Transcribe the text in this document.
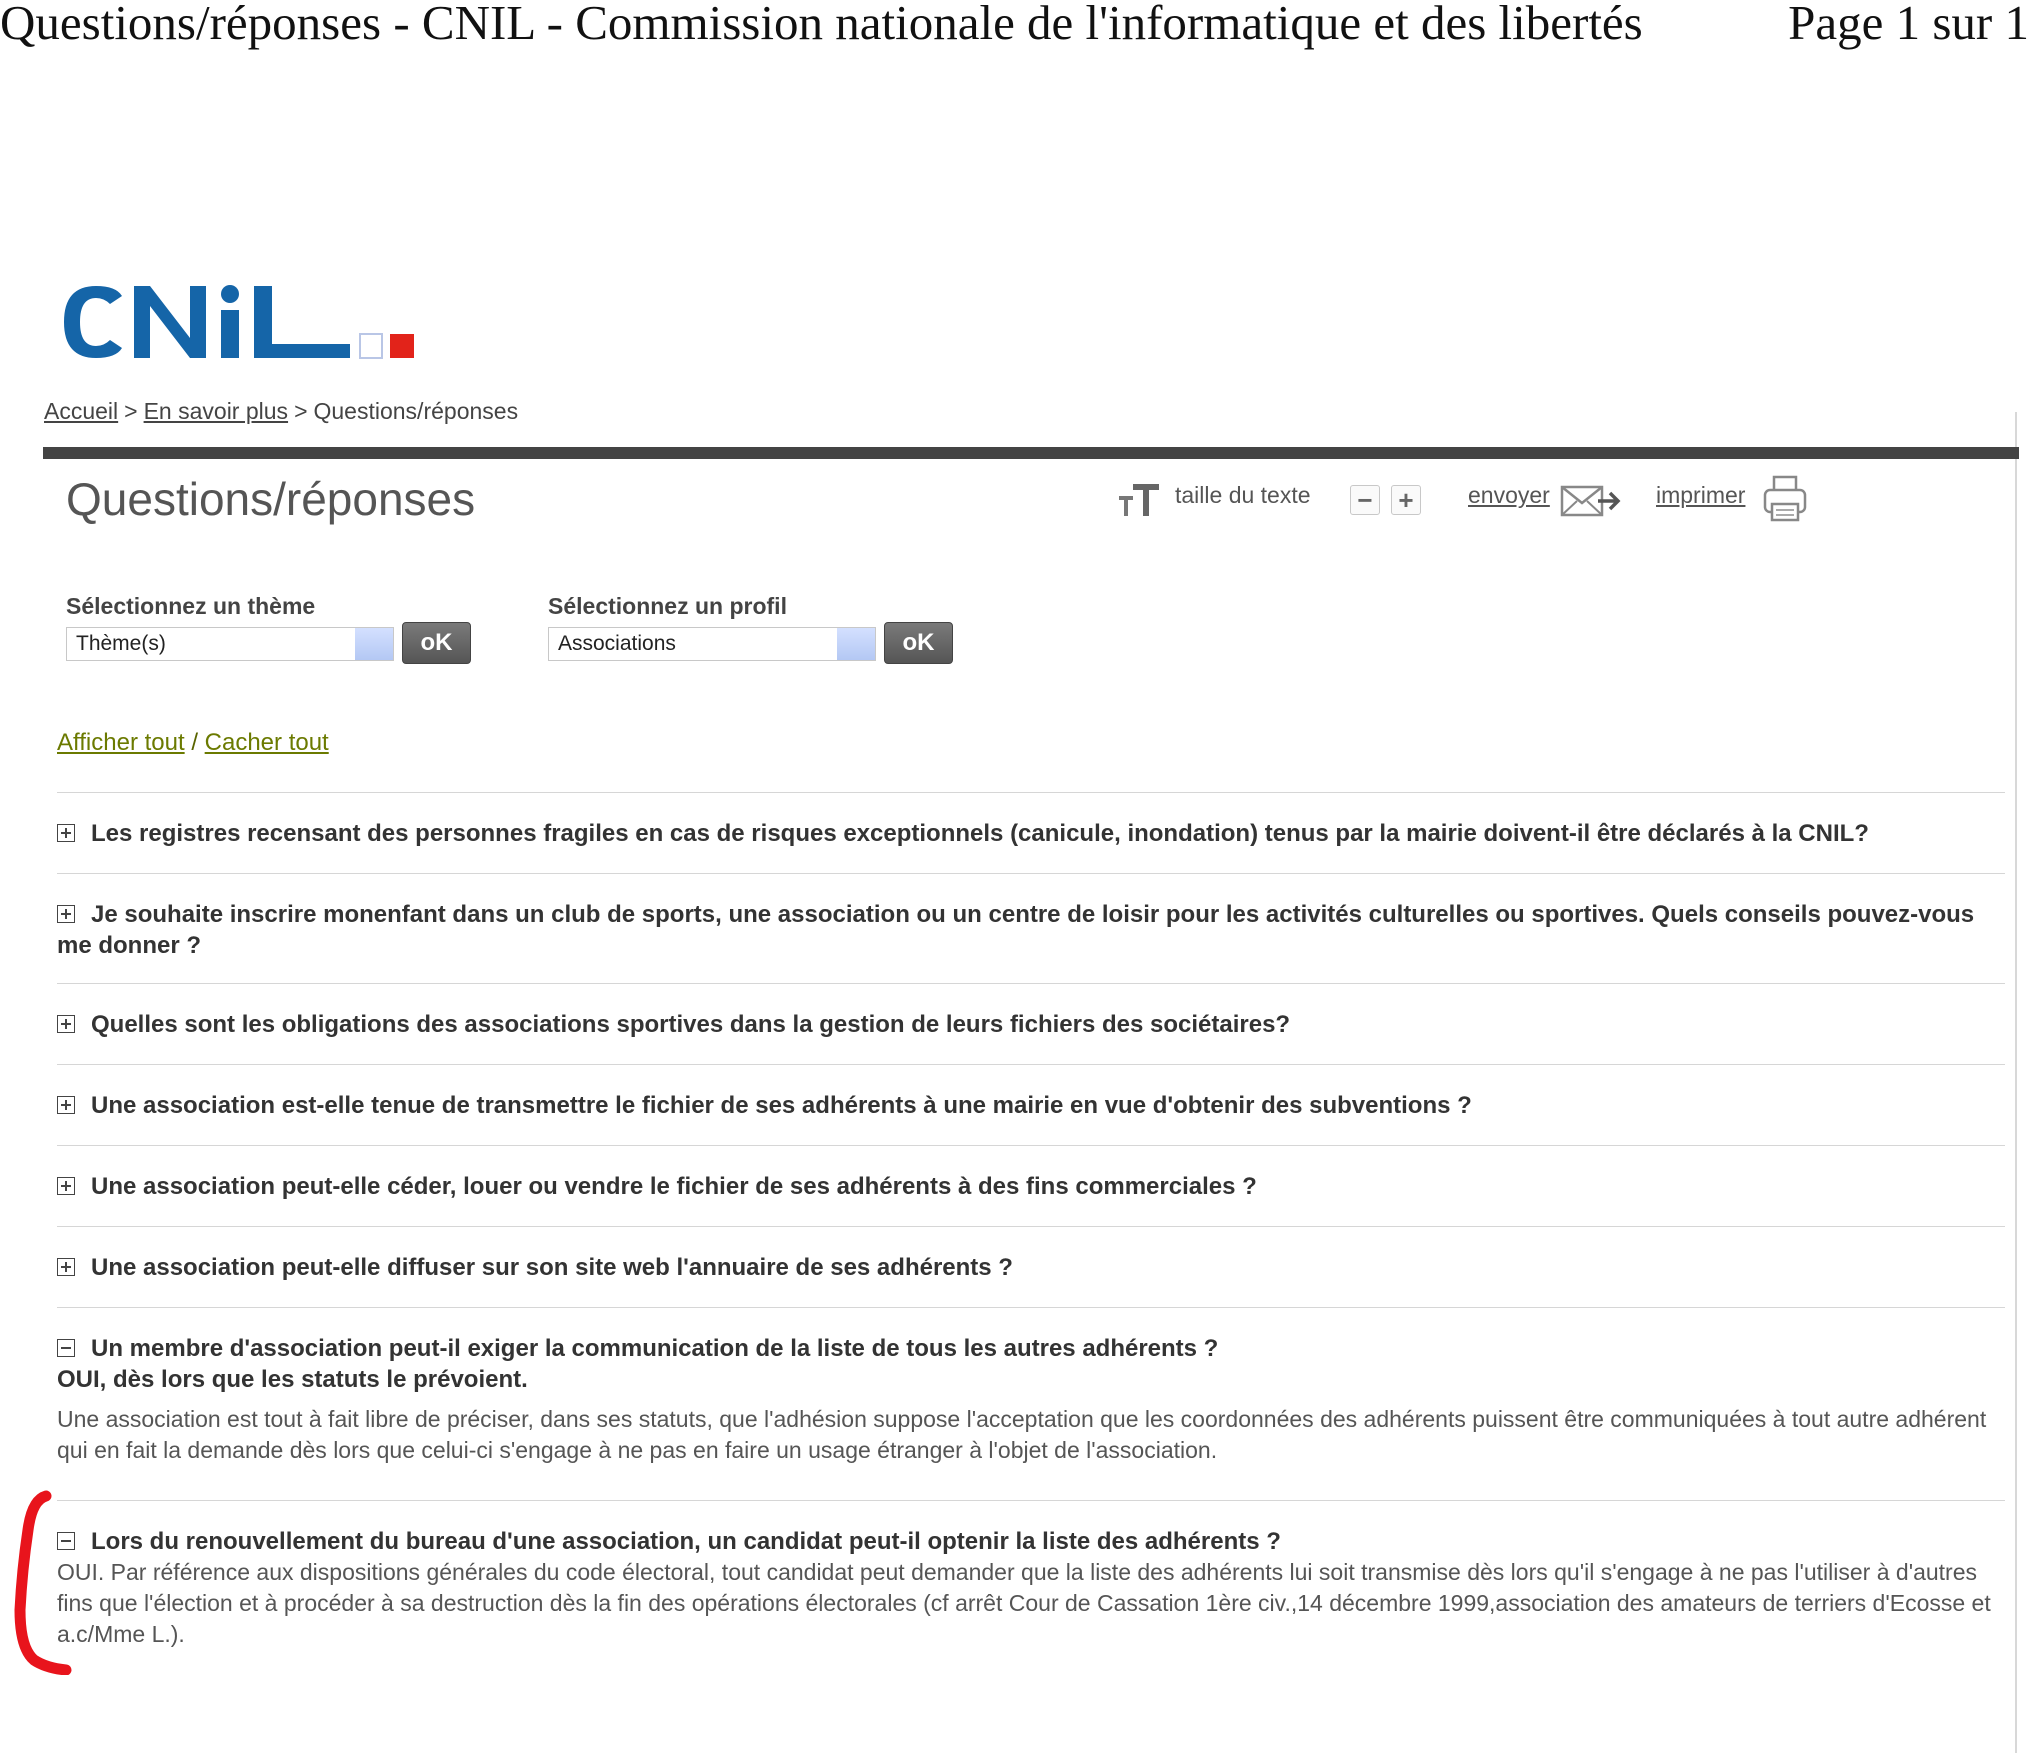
Questions/réponses - CNIL - Commission nationale de l'informatique et des libertés	Page 1 sur 1
Accueil > En savoir plus > Questions/réponses
Questions/réponses	taille du texte − +	envoyer	imprimer
Sélectionnez un thème
Thème(s)	oK
Sélectionnez un profil
Associations	oK
Afficher tout / Cacher tout

Les registres recensant des personnes fragiles en cas de risques exceptionnels (canicule, inondation) tenus par la mairie doivent-il être déclarés à la CNIL?

Je souhaite inscrire monenfant dans un club de sports, une association ou un centre de loisir pour les activités culturelles ou sportives. Quels conseils pouvez-vous me donner ?

Quelles sont les obligations des associations sportives dans la gestion de leurs fichiers des sociétaires?

Une association est-elle tenue de transmettre le fichier de ses adhérents à une mairie en vue d'obtenir des subventions ?

Une association peut-elle céder, louer ou vendre le fichier de ses adhérents à des fins commerciales ?

Une association peut-elle diffuser sur son site web l'annuaire de ses adhérents ?

Un membre d'association peut-il exiger la communication de la liste de tous les autres adhérents ?

OUI, dès lors que les statuts le prévoient.

Une association est tout à fait libre de préciser, dans ses statuts, que l'adhésion suppose l'acceptation que les coordonnées des adhérents puissent être communiquées à tout autre adhérent qui en fait la demande dès lors que celui-ci s'engage à ne pas en faire un usage étranger à l'objet de l'association.

Lors du renouvellement du bureau d'une association, un candidat peut-il optenir la liste des adhérents ?

OUI. Par référence aux dispositions générales du code électoral, tout candidat peut demander que la liste des adhérents lui soit transmise dès lors qu'il s'engage à ne pas l'utiliser à d'autres fins que l'élection et à procéder à sa destruction dès la fin des opérations électorales (cf arrêt Cour de Cassation 1ère civ.,14 décembre 1999,association des amateurs de terriers d'Ecosse et a.c/Mme L.).
